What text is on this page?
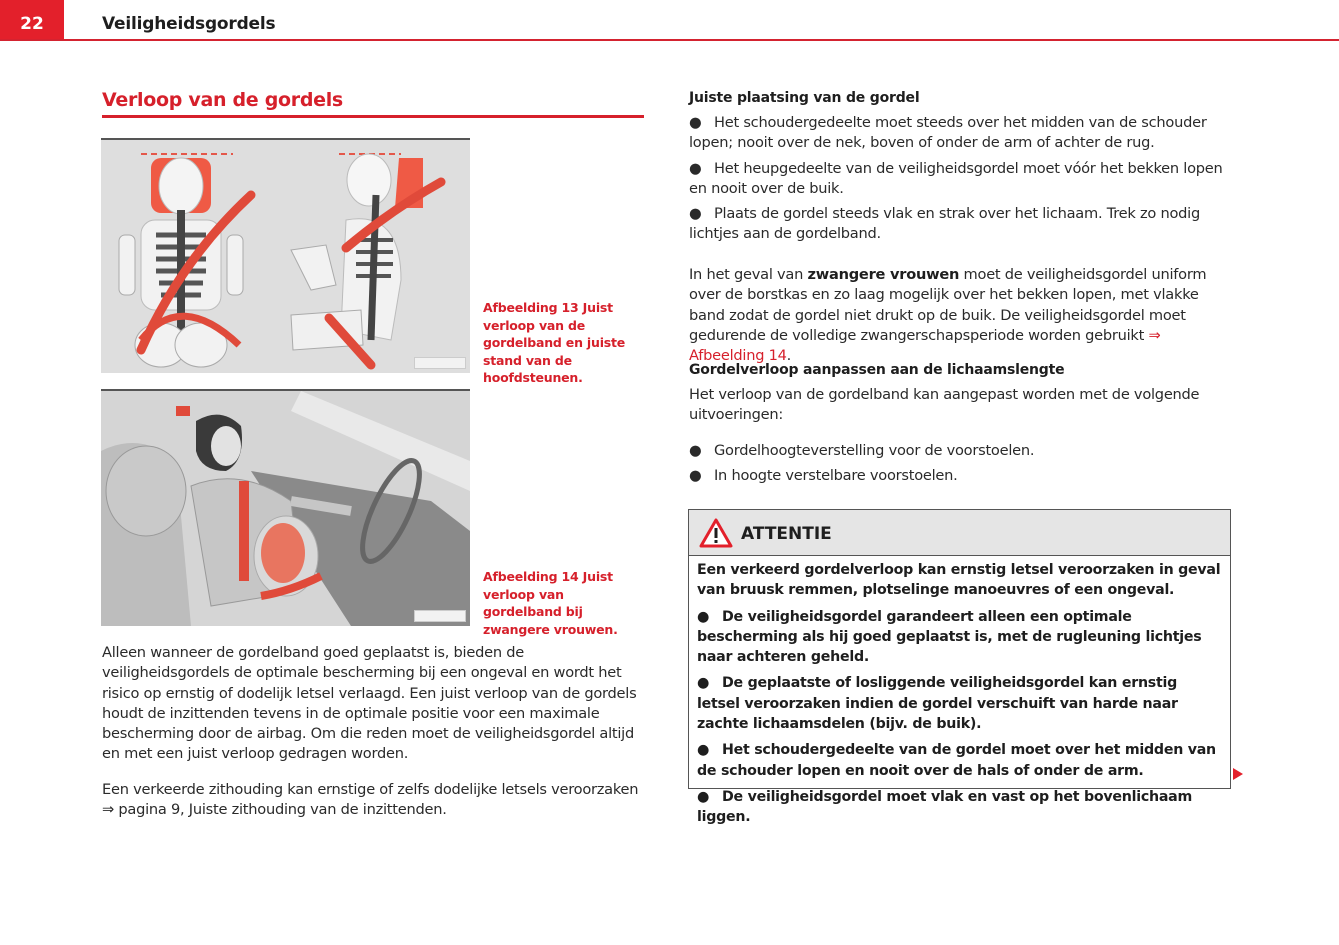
22	Veiligheidsgordels
Verloop van de gordels
Afbeelding 13 Juist verloop van de gordelband en juiste stand van de hoofdsteunen.
Afbeelding 14 Juist verloop van gordelband bij zwangere vrouwen.

Alleen wanneer de gordelband goed geplaatst is, bieden de veiligheidsgordels de optimale bescherming bij een ongeval en wordt het risico op ernstig of dodelijk letsel verlaagd. Een juist verloop van de gordels houdt de inzittenden tevens in de optimale positie voor een maximale bescherming door de airbag. Om die reden moet de veiligheidsgordel altijd en met een juist verloop gedragen worden.

Een verkeerde zithouding kan ernstige of zelfs dodelijke letsels veroorzaken
⇒ pagina 9, Juiste zithouding van de inzittenden.

Juiste plaatsing van de gordel

● Het schoudergedeelte moet steeds over het midden van de schouder lopen; nooit over de nek, boven of onder de arm of achter de rug.

● Het heupgedeelte van de veiligheidsgordel moet vóór het bekken lopen en nooit over de buik.

● Plaats de gordel steeds vlak en strak over het lichaam. Trek zo nodig lichtjes aan de gordelband.

In het geval van zwangere vrouwen moet de veiligheidsgordel uniform over de borstkas en zo laag mogelijk over het bekken lopen, met vlakke band zodat de gordel niet drukt op de buik. De veiligheidsgordel moet gedurende de volledige zwangerschapsperiode worden gebruikt ⇒ Afbeelding 14.

Gordelverloop aanpassen aan de lichaamslengte

Het verloop van de gordelband kan aangepast worden met de volgende uitvoeringen:

● Gordelhoogteverstelling voor de voorstoelen.

● In hoogte verstelbare voorstoelen.

ATTENTIE

Een verkeerd gordelverloop kan ernstig letsel veroorzaken in geval van bruusk remmen, plotselinge manoeuvres of een ongeval.

● De veiligheidsgordel garandeert alleen een optimale bescherming als hij goed geplaatst is, met de rugleuning lichtjes naar achteren geheld.

● De geplaatste of losliggende veiligheidsgordel kan ernstig letsel veroorzaken indien de gordel verschuift van harde naar zachte lichaamsdelen (bijv. de buik).

● Het schoudergedeelte van de gordel moet over het midden van de schouder lopen en nooit over de hals of onder de arm.

● De veiligheidsgordel moet vlak en vast op het bovenlichaam liggen.
